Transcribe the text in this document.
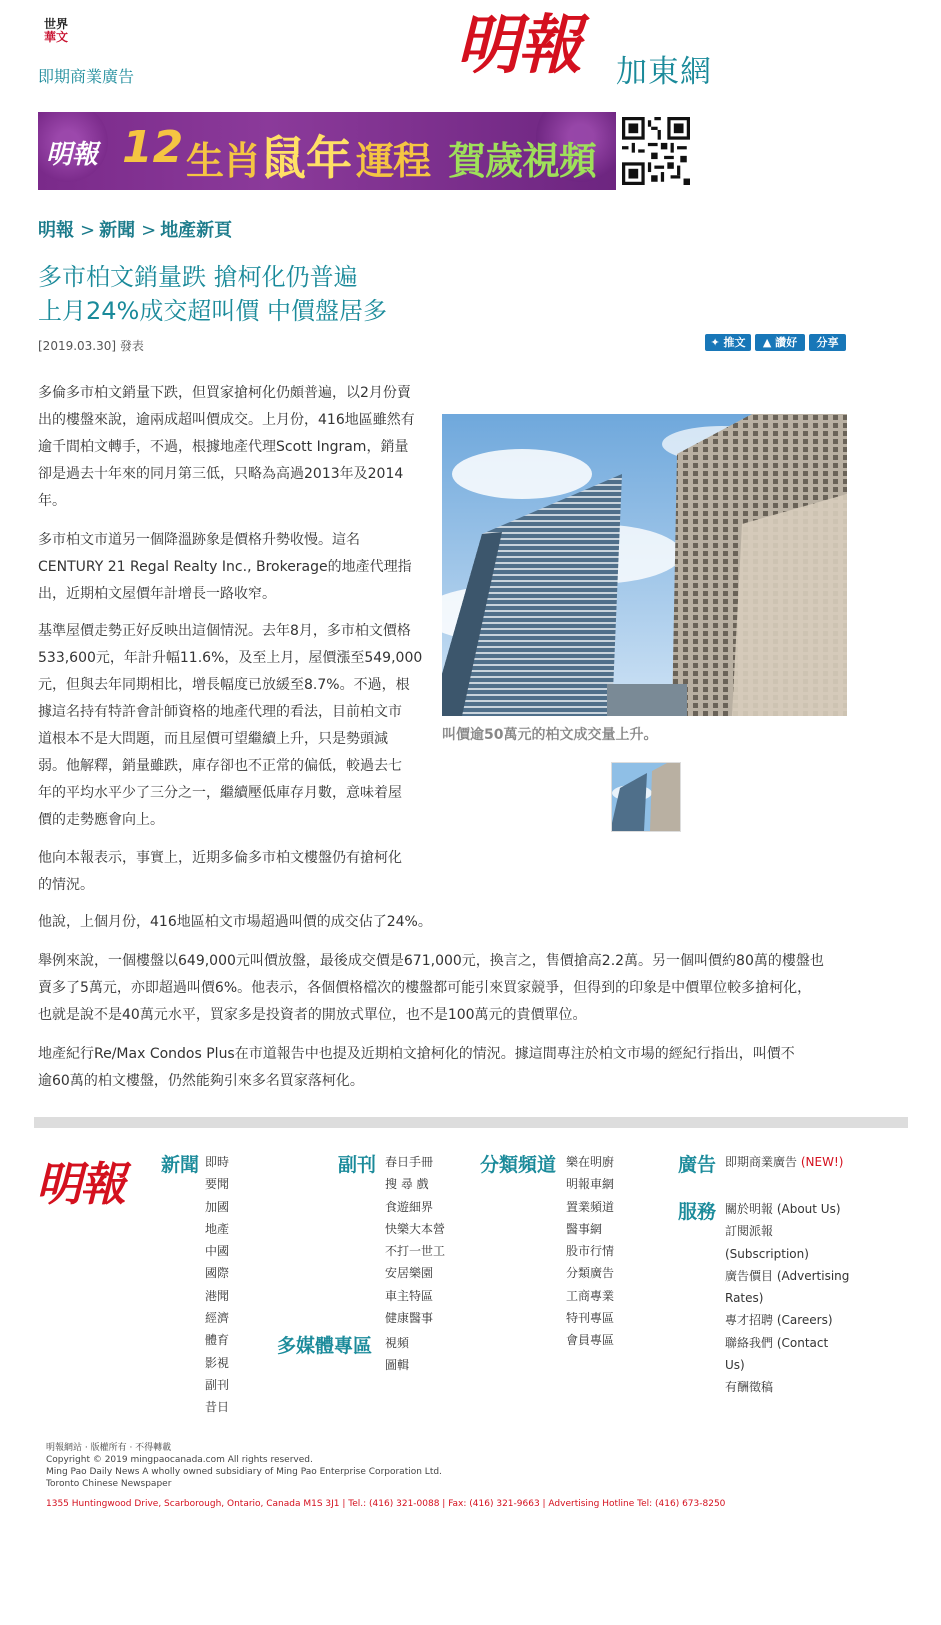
世界
華文
即期商業廣告	明報 加東網
明報 12 生肖 鼠年 運程 賀歲視頻
明報 > 新聞 > 地產新頁
多市柏文銷量跌 搶柯化仍普遍
上月24%成交超叫價 中價盤居多
[2019.03.30] 發表	✦ 推文	▲ 讚好	分享
多倫多市柏文銷量下跌，但買家搶柯化仍頗普遍，以2月份賣
出的樓盤來說，逾兩成超叫價成交。上月份，416地區雖然有
逾千間柏文轉手，不過，根據地產代理Scott Ingram，銷量
卻是過去十年來的同月第三低，只略為高過2013年及2014
年。
多市柏文市道另一個降溫跡象是價格升勢收慢。這名
CENTURY 21 Regal Realty Inc., Brokerage的地產代理指
出，近期柏文屋價年計增長一路收窄。
基準屋價走勢正好反映出這個情況。去年8月，多市柏文價格
533,600元，年計升幅11.6%，及至上月，屋價漲至549,000
元，但與去年同期相比，增長幅度已放緩至8.7%。不過，根
據這名持有特許會計師資格的地產代理的看法，目前柏文市
道根本不是大問題，而且屋價可望繼續上升，只是勢頭減
弱。他解釋，銷量雖跌，庫存卻也不正常的偏低，較過去七
年的平均水平少了三分之一，繼續壓低庫存月數，意味着屋
價的走勢應會向上。
他向本報表示，事實上，近期多倫多市柏文樓盤仍有搶柯化
的情況。
他說，上個月份，416地區柏文市場超過叫價的成交佔了24%。
舉例來說，一個樓盤以649,000元叫價放盤，最後成交價是671,000元，換言之，售價搶高2.2萬。另一個叫價約80萬的樓盤也
賣多了5萬元，亦即超過叫價6%。他表示，各個價格檔次的樓盤都可能引來買家競爭，但得到的印象是中價單位較多搶柯化，
也就是說不是40萬元水平，買家多是投資者的開放式單位，也不是100萬元的貴價單位。
地產紀行Re/Max Condos Plus在市道報告中也提及近期柏文搶柯化的情況。據這間專注於柏文市場的經紀行指出，叫價不
逾60萬的柏文樓盤，仍然能夠引來多名買家落柯化。
叫價逾50萬元的柏文成交量上升。
明報 新聞 即時
要聞
加國
地產
中國
國際
港聞
經濟
體育
影視
副刊
昔日
副刊 春日手冊
搜 尋 戲
食遊細界
快樂大本營
不打一世工
安居樂園
車主特區
健康醫事
多媒體專區 視頻
圖輯
分類頻道 樂在明廚
明報車網
置業頻道
醫事網
股市行情
分類廣告
工商專業
特刊專區
會員專區
廣告 即期商業廣告 (NEW!)
服務 關於明報 (About Us)
訂閱派報
(Subscription)
廣告價目 (Advertising
Rates)
專才招聘 (Careers)
聯絡我們 (Contact
Us)
有酬徵稿
明報網站 · 版權所有 · 不得轉載
Copyright © 2019 mingpaocanada.com All rights reserved.
Ming Pao Daily News A wholly owned subsidiary of Ming Pao Enterprise Corporation Ltd.
Toronto Chinese Newspaper
1355 Huntingwood Drive, Scarborough, Ontario, Canada M1S 3J1 | Tel.: (416) 321-0088 | Fax: (416) 321-9663 | Advertising Hotline Tel: (416) 673-8250
